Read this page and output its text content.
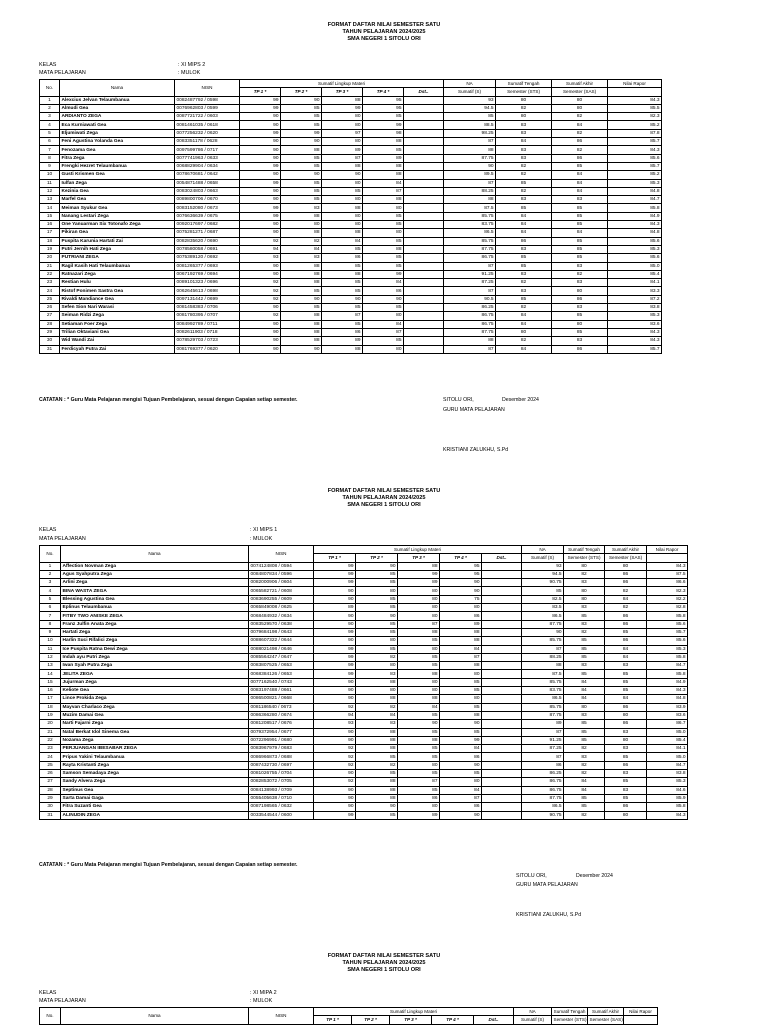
FORMAT DAFTAR NILAI SEMESTER SATU
TAHUN PELAJARAN 2024/2025
SMA NEGERI 1 SITOLU ORI
KELAS	: XI MIPS 2
MATA PELAJARAN	: MULOK
No.	Nama	NISN	Sumatif Lingkup Materi					NA	Sumatif Tengah	Sumatif Akhir	Nilai Rapor
			TP 1 *	TP 2 *	TP 3 *	TP 4 *	Dst..	Sumatif (S)	Semester (STS)	Semester (SAS)	
1	Alexcius Jelvan Telaumbanua	0082487792 / 0598	99	90	88	95		93	80	80	84.3
2	Almudi Gea	0076962803 / 0599	99	85	99	95		94.5	82	80	85.5
3	ARDIANTO ZEGA	0087721722 / 0603	90	85	80	85		85	80	82	82.3
4	Eca Kurniawati Gea	0081461035 / 0618	90	85	80	99		88.5	83	84	85.2
5	Eljumiwati Zega	0077256232 / 0620	99	99	97	98		98.25	83	82	87.8
6	Feni Agustina Yolanda Gea	0083351178 / 0628	90	90	80	88		87	84	86	85.7
7	Fenozama Gea	0097599786 / 0717	90	88	89	85		88	83	82	84.3
8	Fitra Zega	0077741963 / 0633	90	85	87	89		87.75	83	86	85.6
9	Frengki Hezret Telaumbanua	0068829904 / 0634	99	85	88	88		90	82	85	85.7
10	Gusti Krismen Gea	0078670681 / 0642	90	90	90	88		89.5	82	84	85.2
11	Iulfan Zega	0054871488 / 0658	99	85	80	84		87	85	84	85.3
12	Kezinia Gea	0083024803 / 0663	90	85	85	87		88.25	82	84	84.8
13	Marfel Gea	0089800706 / 0670	90	85	80	88		88	83	83	84.7
14	Meiman Syukur Gea	0083152080 / 0673	99	83	88	80		87.5	85	85	85.8
15	Nanang Lestari Zega	0076636639 / 0675	99	88	80	85		85.75	84	85	84.9
16	One Yanuarman Six Totonafo Zega	0092017697 / 0682	90	80	80	85		83.75	84	85	84.3
17	Pikiran Gea	0075281271 / 0687	90	88	88	80		86.5	84	84	84.8
18	Puspita Karunia Hartati Zai	0082835620 / 0690	92	82	84	85		85.75	86	85	85.6
19	Putri Jernih Hati Zega	0078580058 / 0691	94	84	85	88		87.75	83	85	85.3
20	PUTRIANI ZEGA	0075389120 / 0692	93	83	86	85		86.75	85	85	85.6
21	Ragil Kasih Hati Telaumbanua	0081265377 / 0693	90	88	85	85		87	85	83	85.0
22	Ratnazari Zega	0067192769 / 0694	90	88	88	99		91.25	83	82	85.4
23	Restian Hulu	0089101323 / 0696	92	88	85	84		87.25	82	83	84.1
24	Ristof Ponimen Sastra Gea	0062645613 / 0698	92	85	85	86		87	83	80	83.3
25	Rivaldi Mandiance Gea	0097131442 / 0699	92	90	90	90		90.5	85	86	87.2
26	Sefen Sion Nari Warasi	0081458383 / 0706	90	85	85	85		86.25	82	83	83.8
27	Seiman Ridzi Zega	0081780395 / 0707	92	88	87	80		86.75	84	85	85.3
28	Setiaman Foer Zega	0084992789 / 0711	90	88	85	84		86.75	84	80	83.6
29	Trilian Oktaviani Gea	0082611903 / 0718	90	88	86	87		87.75	80	85	84.3
30	Wid Wandi Zai	0078529703 / 0723	90	88	89	85		88	82	83	84.3
31	Ferdicyah Putra Zai	0081769377 / 0620	90	90	88	80		87	84	86	85.7
CATATAN : * Guru Mata Pelajaran mengisi Tujuan Pembelajaran, sesuai dengan Capaian setiap semester.	SITOLU ORI,	Desember 2024
GURU MATA PELAJARAN
KRISTIANI ZALUKHU, S.Pd
FORMAT DAFTAR NILAI SEMESTER SATU
TAHUN PELAJARAN 2024/2025
SMA NEGERI 1 SITOLU ORI
KELAS	: XI MIPS 1
MATA PELAJARAN	: MULOK
No.	Nama	NISN	Sumatif Lingkup Materi					NA	Sumatif Tengah	Sumatif Akhir	Nilai Rapor
			TP 1 *	TP 2 *	TP 3 *	TP 4 *	Dst..	Sumatif (S)	Semester (STS)	Semester (SAS)	
1	Affection Novman Zega	0074124808 / 0594	99	90	88	95		93	80	80	84.3
2	Agus Syahputra Zega	0084807834 / 0596	99	85	99	95		94.5	82	86	87.5
3	Arlini Zega	0082000906 / 0604	99	85	89	90		90.75	83	86	86.6
4	BINA WASTA ZEGA	0065582721 / 0608	90	80	80	90		85	80	82	82.3
5	Blessing Agustina Gea	0083690255 / 0609	90	85	80	75		82.5	80	84	82.2
6	Eplinus Telaumbanua	0065849008 / 0625	89	85	80	80		83.5	83	82	82.8
7	FITBY TWO ANISKE ZEGA	0068484932 / 0634	90	90	80	86		86.5	85	86	85.8
8	Franz Julfin Anata Zega	0083529570 / 0638	90	85	87	89		87.75	83	86	85.6
9	Hartati Zega	0079684198 / 0643	99	85	88	88		90	82	85	85.7
10	Harlin Suci Rifalici Zega	0088607322 / 0644	90	80	85	88		85.75	85	86	85.6
11	Ice Puspita Ratna Dewi Zega	0088021498 / 0646	99	85	80	84		87	85	84	85.3
12	Indah ayu Putri Zega	0085564247 / 0647	99	82	85	87		88.25	85	84	85.8
13	Iwan Syah Putra Zega	0083807525 / 0653	99	80	85	88		88	83	83	84.7
14	JELITA ZEGA	0068384126 / 0653	99	83	88	80		87.5	85	85	85.8
15	Jujurman Zega	0077162540 / 0743	90	88	80	85		85.75	84	85	84.9
16	Keliote Gea	0083197488 / 0661	90	80	80	85		83.75	84	85	84.3
17	Lince Prokida Zega	0086500821 / 0668	90	88	88	80		86.5	84	84	84.8
18	Mayvan Charlaco Zega	0081186540 / 0673	92	82	84	85		85.75	80	86	83.9
19	Muzim Damai Gea	0086366280 / 0674	94	84	85	88		87.75	83	80	83.6
20	Narti Fajarni Zega	0081208517 / 0676	93	83	90	90		89	85	86	86.7
21	Natal Berkat Idol Sinema Gea	0079372954 / 0677	90	88	85	85		87	85	83	85.0
22	Nozama Zega	0072296991 / 0680	90	88	88	99		91.25	85	80	85.4
23	PERJUANGAN IBESABAR ZEGA	0083967979 / 0683	92	88	85	84		87.25	82	83	84.1
24	Pripus Yakini Telaumbanua	0086966873 / 0688	92	85	85	86		87	83	85	85.0
25	Rayta Kristanti Zega	0087432730 / 0697	92	82	80	90		86	82	86	84.7
26	Samson Semadaya Zega	0081026755 / 0704	90	85	85	85		86.25	82	83	83.8
27	Sandy Alvera Zega	0082853072 / 0705	92	88	87	80		86.75	84	85	85.3
28	Septinus Gea	0084138993 / 0709	90	88	85	84		86.75	84	83	84.6
29	Sarta Damai Gaga	0055405638 / 0710	90	88	86	87		87.75	85	85	85.9
30	Fitra Suzanti Gea	0087198565 / 0632	90	90	80	86		86.5	85	86	85.8
31	ALINUDIN ZEGA	0033544544 / 0600	99	85	89	90		90.75	82	80	84.3
CATATAN : * Guru Mata Pelajaran mengisi Tujuan Pembelajaran, sesuai dengan Capaian setiap semester.
SITOLU ORI,	Desember 2024
GURU MATA PELAJARAN
KRISTIANI ZALUKHU, S.Pd
FORMAT DAFTAR NILAI SEMESTER SATU
TAHUN PELAJARAN 2024/2025
SMA NEGERI 1 SITOLU ORI
KELAS	: XI MIPA 2
MATA PELAJARAN	: MULOK
No.	Nama	NISN	Sumatif Lingkup Materi					NA	Sumatif Tengah	Sumatif Akhir	Nilai Rapor
			TP 1 *	TP 2 *	TP 3 *	TP 4 *	Dst..	Sumatif (S)	Semester (STS)	Semester (SAS)	
